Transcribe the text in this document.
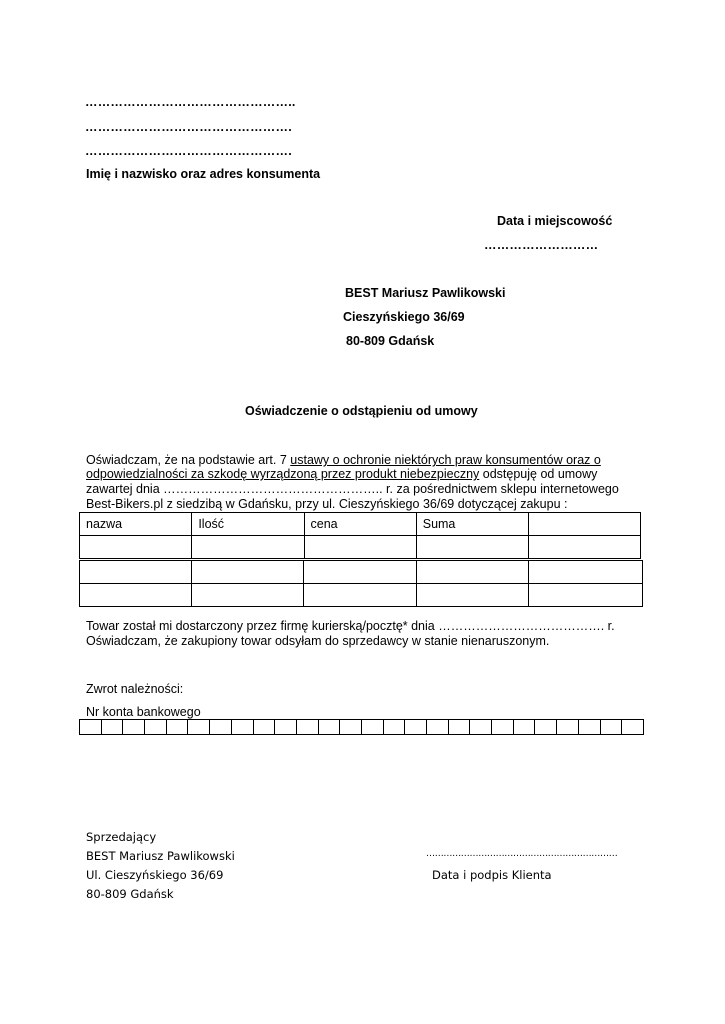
…………………………………………..
………………………………………….
………………………………………….
Imię i nazwisko oraz adres konsumenta
Data i miejscowość
………………………
BEST Mariusz Pawlikowski
Cieszyńskiego 36/69
80-809 Gdańsk
Oświadczenie o odstąpieniu od umowy
Oświadczam, że na podstawie art. 7 ustawy o ochronie niektórych praw konsumentów oraz o
odpowiedzialności za szkodę wyrządzoną przez produkt niebezpieczny odstępuję od umowy
zawartej dnia …………………………………………….. r. za pośrednictwem sklepu internetowego
Best-Bikers.pl z siedzibą w Gdańsku, przy ul. Cieszyńskiego 36/69 dotyczącej zakupu :
nazwa	Ilość	cena	Suma	

Towar został mi dostarczony przez firmę kurierską/pocztę* dnia …………………………………. r.
Oświadczam, że zakupiony towar odsyłam do sprzedawcy w stanie nienaruszonym.
Zwrot należności:
Nr konta bankowego
Sprzedający
BEST Mariusz Pawlikowski
Ul. Cieszyńskiego 36/69
80-809 Gdańsk
…………………………………………………………
Data i podpis Klienta
